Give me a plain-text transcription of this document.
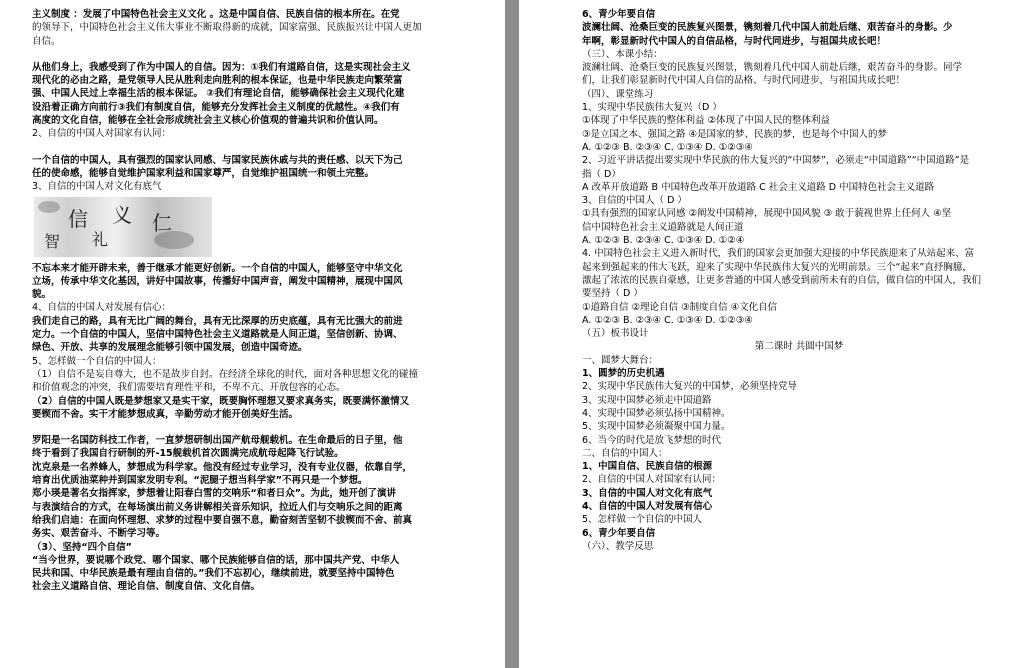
主义制度 ：发展了中国特色社会主义文化 。这是中国自信、民族自信的根本所在。在党
的领导下，中国特色社会主义伟大事业不断取得新的成就，国家富强、民族振兴让中国人更加
自信。
从他们身上，我感受到了作为中国人的自信。因为：①我们有道路自信，这是实现社会主义
现代化的必由之路，是党领导人民从胜利走向胜利的根本保证，也是中华民族走向繁荣富
强、中国人民过上幸福生活的根本保证。 ②我们有理论自信，能够确保社会主义现代化建
设沿着正确方向前行③我们有制度自信，能够充分发挥社会主义制度的优越性。④我们有
高度的文化自信，能够在全社会形成统社会主义核心价值观的普遍共识和价值认同。
2、自信的中国人对国家有认同：
一个自信的中国人，具有强烈的国家认同感、与国家民族休戚与共的责任感、以天下为己
任的使命感，能够自觉维护国家利益和国家尊严，自觉维护祖国统一和领土完整。
3、自信的中国人对文化有底气
信 义 仁
礼
智
不忘本来才能开辟未来，善于继承才能更好创新。一个自信的中国人，能够坚守中华文化
立场，传承中华文化基因，讲好中国故事，传播好中国声音，阐发中国精神，展现中国风
貌。
4、自信的中国人对发展有信心：
我们走自己的路，具有无比广阔的舞台，具有无比深厚的历史底蕴，具有无比强大的前进
定力。一个自信的中国人，坚信中国特色社会主义道路就是人间正道，坚信创新、协调、
绿色、开放、共享的发展理念能够引领中国发展，创造中国奇迹。
5、怎样做一个自信的中国人：
（1）自信不是妄自尊大，也不是故步自封。在经济全球化的时代，面对各种思想文化的碰撞
和价值观念的冲突，我们需要培育理性平和，不卑不亢、开放包容的心态。
（2）自信的中国人既是梦想家又是实干家，既要胸怀理想又要求真务实，既要满怀激情又
要锲而不舍。实干才能梦想成真，辛勤劳动才能开创美好生活。
罗阳是一名国防科技工作者，一直梦想研制出国产航母舰载机。在生命最后的日子里，他
终于看到了我国自行研制的歼-15舰载机首次圆满完成航母起降飞行试验。
沈克泉是一名养蜂人，梦想成为科学家。他没有经过专业学习，没有专业仪器，依靠自学，
培育出优质油菜种并到国家发明专利。“泥腿子想当科学家”不再只是一个梦想。
郑小瑛是著名女指挥家，梦想着让阳春白雪的交响乐“和者日众”。为此，她开创了演讲
与表演结合的方式，在每场演出前义务讲解相关音乐知识，拉近人们与交响乐之间的距离
给我们启迪：在面向怀理想、求梦的过程中要自强不息，勤奋刻苦坚韧不拔锲而不舍、前真
务实、艰苦奋斗、不断学习等。
（3）、坚持“四个自信”
“当今世界，要说哪个政党、哪个国家、哪个民族能够自信的话，那中国共产党、中华人
民共和国、中华民族是最有理由自信的。”我们不忘初心，继续前进，就要坚持中国特色
社会主义道路自信、理论自信、制度自信、文化自信。
6、青少年要自信
波澜壮阔、沧桑巨变的民族复兴图景，镌刻着几代中国人前赴后继、艰苦奋斗的身影。少
年啊，彰显新时代中国人的自信品格，与时代同进步，与祖国共成长吧！
（三）、本课小结：
波澜壮阔、沧桑巨变的民族复兴图景，镌刻着几代中国人前赴后继，艰苦奋斗的身影。同学
们，让我们彰显新时代中国人自信的品格、与时代同进步，与祖国共成长吧！
（四）、课堂练习
1、实现中华民族伟大复兴（D ）
①体现了中华民族的整体利益 ②体现了中国人民的整体利益
③是立国之本、强国之路 ④是国家的梦、民族的梦，也是每个中国人的梦
A. ①②③ B. ②③④ C. ①③④ D. ①②③④
2、习近平讲话提出要实现中华民族的伟大复兴的“中国梦”，必须走“中国道路”“中国道路”是
指（ D）
A 改革开放道路 B 中国特色改革开放道路 C 社会主义道路 D 中国特色社会主义道路
3、自信的中国人（ D ）
①具有强烈的国家认同感 ②阐发中国精神，展现中国风貌 ③ 敢于藐视世界上任何人 ④坚
信中国特色社会主义道路就是人间正道
A. ①②③ B. ②③④ C. ①③④ D. ①②④
4. 中国特色社会主义进入新时代，我们的国家会更加强大迎接的中华民族迎来了从站起来、富
起来到强起来的伟大飞跃，迎来了实现中华民族伟大复兴的光明前景。三个“起来”直抒胸臆，
激起了浓浓的民族自豪感，让更多普通的中国人感受到前所未有的自信，做自信的中国人，我们
要坚持（ D ）
①道路自信 ②理论自信 ③制度自信 ④文化自信
A. ①②③ B. ②③④ C. ①③④ D. ①②③④
（五）板书设计
第二课时 共圆中国梦
一、圆梦大舞台：
1、圆梦的历史机遇
2、实现中华民族伟大复兴的中国梦，必须坚持党导
3、实现中国梦必须走中国道路
4、实现中国梦必须弘扬中国精神。
5、实现中国梦必须凝聚中国力量。
6、当今的时代是放飞梦想的时代
二、自信的中国人：
1、中国自信、民族自信的根源
2、自信的中国人对国家有认同：
3、自信的中国人对文化有底气
4、自信的中国人对发展有信心
5、怎样做一个自信的中国人
6、青少年要自信
（六）、教学反思
